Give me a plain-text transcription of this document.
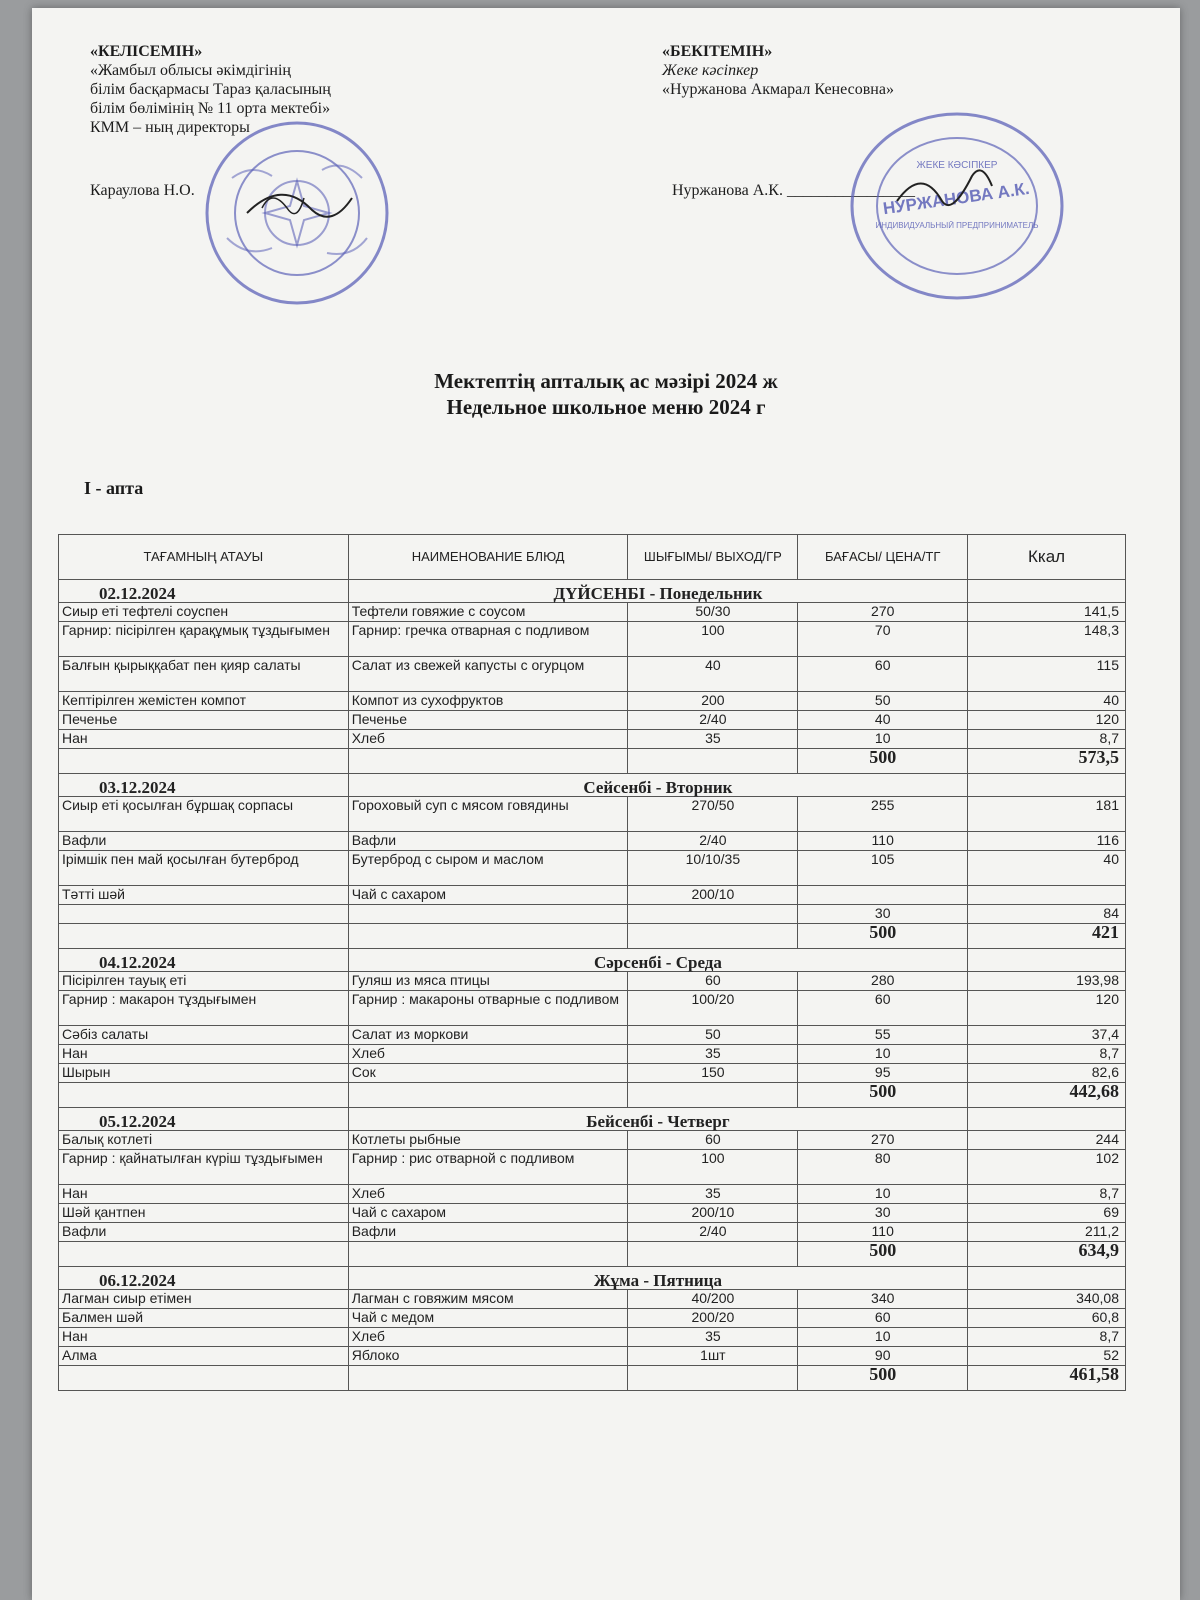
«КЕЛІСЕМІН»
«Жамбыл облысы әкімдігінің
білім басқармасы Тараз қаласының
білім бөлімінің № 11 орта мектебі»
КММ – ның директоры
Караулова Н.О.
«БЕКІТЕМІН»
Жеке кәсіпкер
«Нуржанова Акмарал Кенесовна»
Нуржанова А.К. ________________
ЖЕКЕ КӘСІПКЕР
НУРЖАНОВА А.К.
ИНДИВИДУАЛЬНЫЙ ПРЕДПРИНИМАТЕЛЬ
Мектептің апталық ас мәзірі 2024 ж
Недельное школьное меню 2024 г
I - апта
ТАҒАМНЫҢ АТАУЫ	НАИМЕНОВАНИЕ БЛЮД	ШЫҒЫМЫ/ ВЫХОД/ГР	БАҒАСЫ/ ЦЕНА/ТГ	Ккал
02.12.2024	ДҮЙСЕНБІ - Понедельник			
Сиыр еті тефтелі соуспен	Тефтели говяжие с соусом	50/30	270	141,5
Гарнир: пісірілген қарақұмық тұздығымен	Гарнир: гречка отварная с подливом	100	70	148,3
Балғын қырыққабат пен қияр салаты	Салат из свежей капусты с огурцом	40	60	115
Кептірілген жемістен компот	Компот из сухофруктов	200	50	40
Печенье	Печенье	2/40	40	120
Нан	Хлеб	35	10	8,7
			500	573,5
03.12.2024	Сейсенбі - Вторник			
Сиыр еті қосылған бұршақ сорпасы	Гороховый суп с мясом говядины	270/50	255	181
Вафли	Вафли	2/40	110	116
Ірімшік пен май қосылған бутерброд	Бутерброд с сыром и маслом	10/10/35	105	40
Тәтті шәй	Чай с сахаром	200/10		
			30	84
			500	421
04.12.2024	Сәрсенбі - Среда			
Пісірілген тауық еті	Гуляш из мяса птицы	60	280	193,98
Гарнир : макарон тұздығымен	Гарнир : макароны отварные с подливом	100/20	60	120
Сәбіз салаты	Салат из моркови	50	55	37,4
Нан	Хлеб	35	10	8,7
Шырын	Сок	150	95	82,6
			500	442,68
05.12.2024	Бейсенбі - Четверг			
Балық котлеті	Котлеты рыбные	60	270	244
Гарнир : қайнатылған күріш тұздығымен	Гарнир : рис отварной с подливом	100	80	102
Нан	Хлеб	35	10	8,7
Шәй қантпен	Чай с сахаром	200/10	30	69
Вафли	Вафли	2/40	110	211,2
			500	634,9
06.12.2024	Жұма - Пятница			
Лагман сиыр етімен	Лагман с говяжим мясом	40/200	340	340,08
Балмен шәй	Чай с медом	200/20	60	60,8
Нан	Хлеб	35	10	8,7
Алма	Яблоко	1шт	90	52
			500	461,58
